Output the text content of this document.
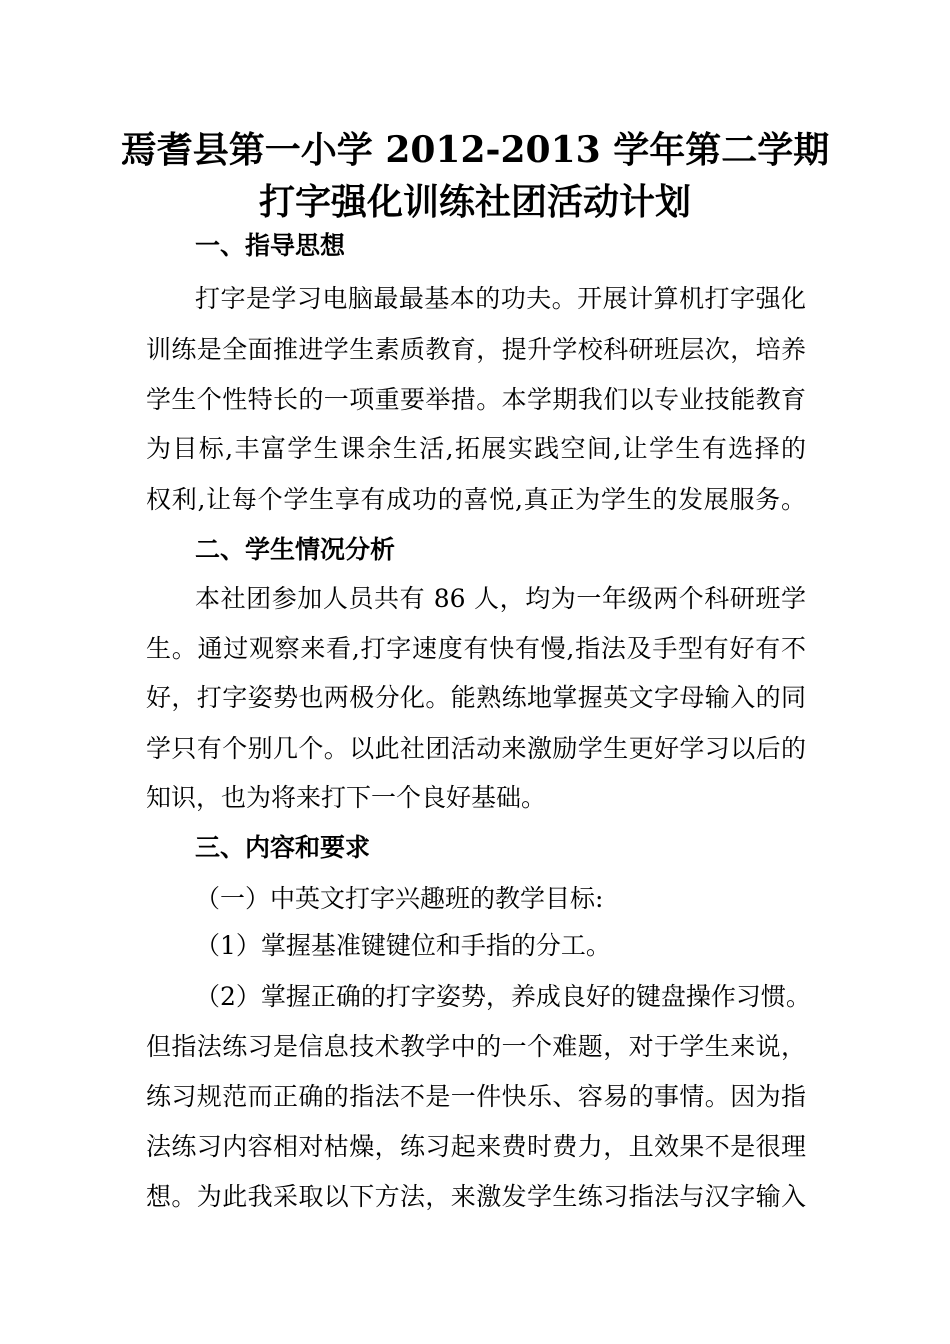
焉耆县第一小学 2012-2013 学年第二学期
打字强化训练社团活动计划
一、指导思想
打字是学习电脑最最基本的功夫。开展计算机打字强化
训练是全面推进学生素质教育，提升学校科研班层次，培养
学生个性特长的一项重要举措。本学期我们以专业技能教育
为目标,丰富学生课余生活,拓展实践空间,让学生有选择的
权利,让每个学生享有成功的喜悦,真正为学生的发展服务。
二、学生情况分析
本社团参加人员共有 86 人，均为一年级两个科研班学
生。通过观察来看,打字速度有快有慢,指法及手型有好有不
好，打字姿势也两极分化。能熟练地掌握英文字母输入的同
学只有个别几个。以此社团活动来激励学生更好学习以后的
知识，也为将来打下一个良好基础。
三、内容和要求
（一）中英文打字兴趣班的教学目标:
（1）掌握基准键键位和手指的分工。
（2）掌握正确的打字姿势，养成良好的键盘操作习惯。
但指法练习是信息技术教学中的一个难题，对于学生来说，
练习规范而正确的指法不是一件快乐、容易的事情。因为指
法练习内容相对枯燥，练习起来费时费力，且效果不是很理
想。为此我采取以下方法，来激发学生练习指法与汉字输入
